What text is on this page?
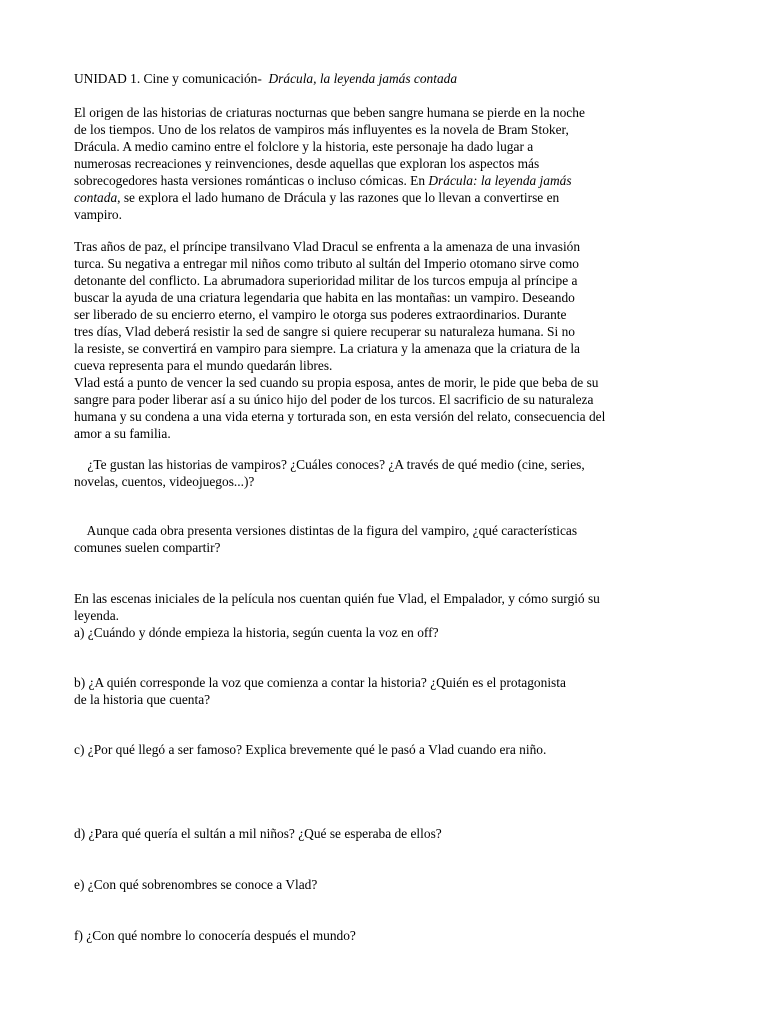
UNIDAD 1. Cine y comunicación- Drácula, la leyenda jamás contada
El origen de las historias de criaturas nocturnas que beben sangre humana se pierde en la noche
de los tiempos. Uno de los relatos de vampiros más influyentes es la novela de Bram Stoker,
Drácula. A medio camino entre el folclore y la historia, este personaje ha dado lugar a
numerosas recreaciones y reinvenciones, desde aquellas que exploran los aspectos más
sobrecogedores hasta versiones románticas o incluso cómicas. En Drácula: la leyenda jamás
contada, se explora el lado humano de Drácula y las razones que lo llevan a convertirse en
vampiro.
Tras años de paz, el príncipe transilvano Vlad Dracul se enfrenta a la amenaza de una invasión
turca. Su negativa a entregar mil niños como tributo al sultán del Imperio otomano sirve como
detonante del conflicto. La abrumadora superioridad militar de los turcos empuja al príncipe a
buscar la ayuda de una criatura legendaria que habita en las montañas: un vampiro. Deseando
ser liberado de su encierro eterno, el vampiro le otorga sus poderes extraordinarios. Durante
tres días, Vlad deberá resistir la sed de sangre si quiere recuperar su naturaleza humana. Si no
la resiste, se convertirá en vampiro para siempre. La criatura y la amenaza que la criatura de la
cueva representa para el mundo quedarán libres.
Vlad está a punto de vencer la sed cuando su propia esposa, antes de morir, le pide que beba de su
sangre para poder liberar así a su único hijo del poder de los turcos. El sacrificio de su naturaleza
humana y su condena a una vida eterna y torturada son, en esta versión del relato, consecuencia del
amor a su familia.
¿Te gustan las historias de vampiros? ¿Cuáles conoces? ¿A través de qué medio (cine, series,
novelas, cuentos, videojuegos...)?
Aunque cada obra presenta versiones distintas de la figura del vampiro, ¿qué características
comunes suelen compartir?
En las escenas iniciales de la película nos cuentan quién fue Vlad, el Empalador, y cómo surgió su
leyenda.
a) ¿Cuándo y dónde empieza la historia, según cuenta la voz en off?
b) ¿A quién corresponde la voz que comienza a contar la historia? ¿Quién es el protagonista
de la historia que cuenta?
c) ¿Por qué llegó a ser famoso? Explica brevemente qué le pasó a Vlad cuando era niño.
d) ¿Para qué quería el sultán a mil niños? ¿Qué se esperaba de ellos?
e) ¿Con qué sobrenombres se conoce a Vlad?
f) ¿Con qué nombre lo conocería después el mundo?
